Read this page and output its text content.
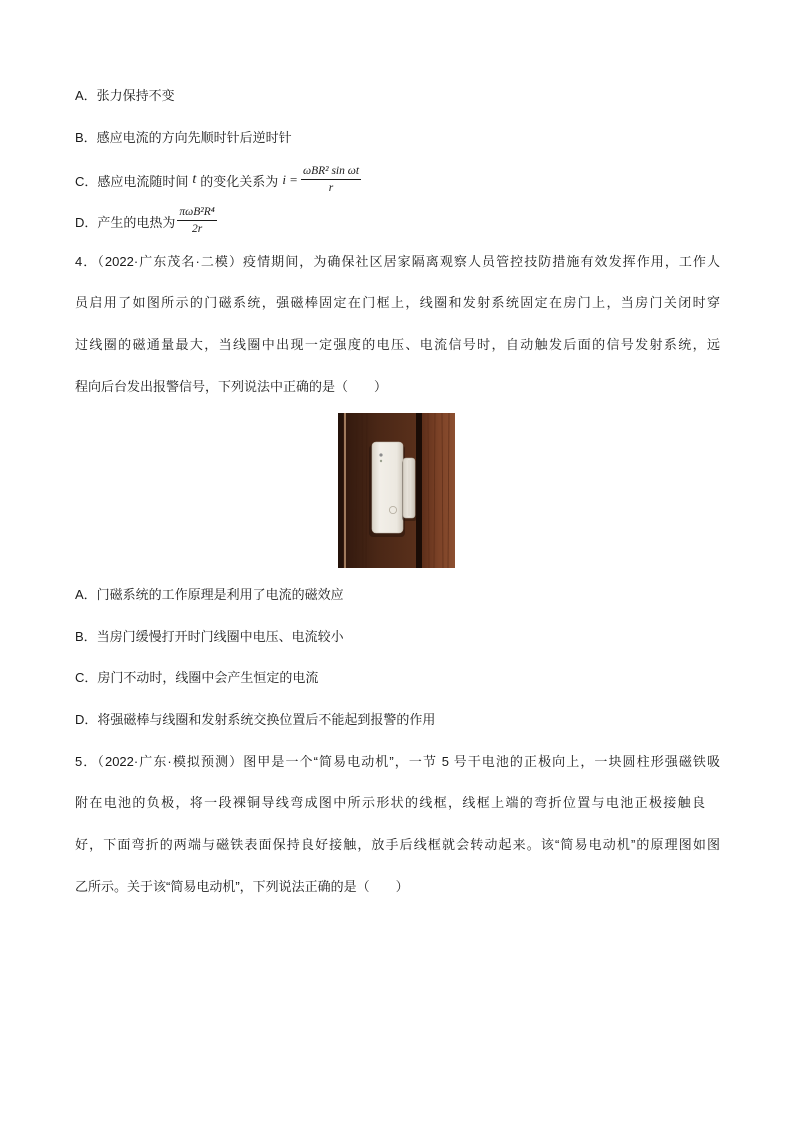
A．张力保持不变
B．感应电流的方向先顺时针后逆时针
C． 感应电流随时间 t 的变化关系为 $i = \frac{\text{ωBR² sin ωt}}{r}$
D． 产生的电热为 $\frac{\text{πωB²R⁴}}{2r}$
4．（2022·广东茂名·二模）疫情期间，为确保社区居家隔离观察人员管控技防措施有效发挥作用，工作人
员启用了如图所示的门磁系统，强磁棒固定在门框上，线圈和发射系统固定在房门上，当房门关闭时穿
过线圈的磁通量最大，当线圈中出现一定强度的电压、电流信号时，自动触发后面的信号发射系统，远
程向后台发出报警信号，下列说法中正确的是（　　）
A．门磁系统的工作原理是利用了电流的磁效应
B．当房门缓慢打开时门线圈中电压、电流较小
C．房门不动时，线圈中会产生恒定的电流
D．将强磁棒与线圈和发射系统交换位置后不能起到报警的作用
5．（2022·广东·模拟预测）图甲是一个“简易电动机”，一节 5 号干电池的正极向上，一块圆柱形强磁铁吸
附在电池的负极，将一段裸铜导线弯成图中所示形状的线框，线框上端的弯折位置与电池正极接触良
好，下面弯折的两端与磁铁表面保持良好接触，放手后线框就会转动起来。该“简易电动机”的原理图如图
乙所示。关于该“简易电动机”，下列说法正确的是（　　）
